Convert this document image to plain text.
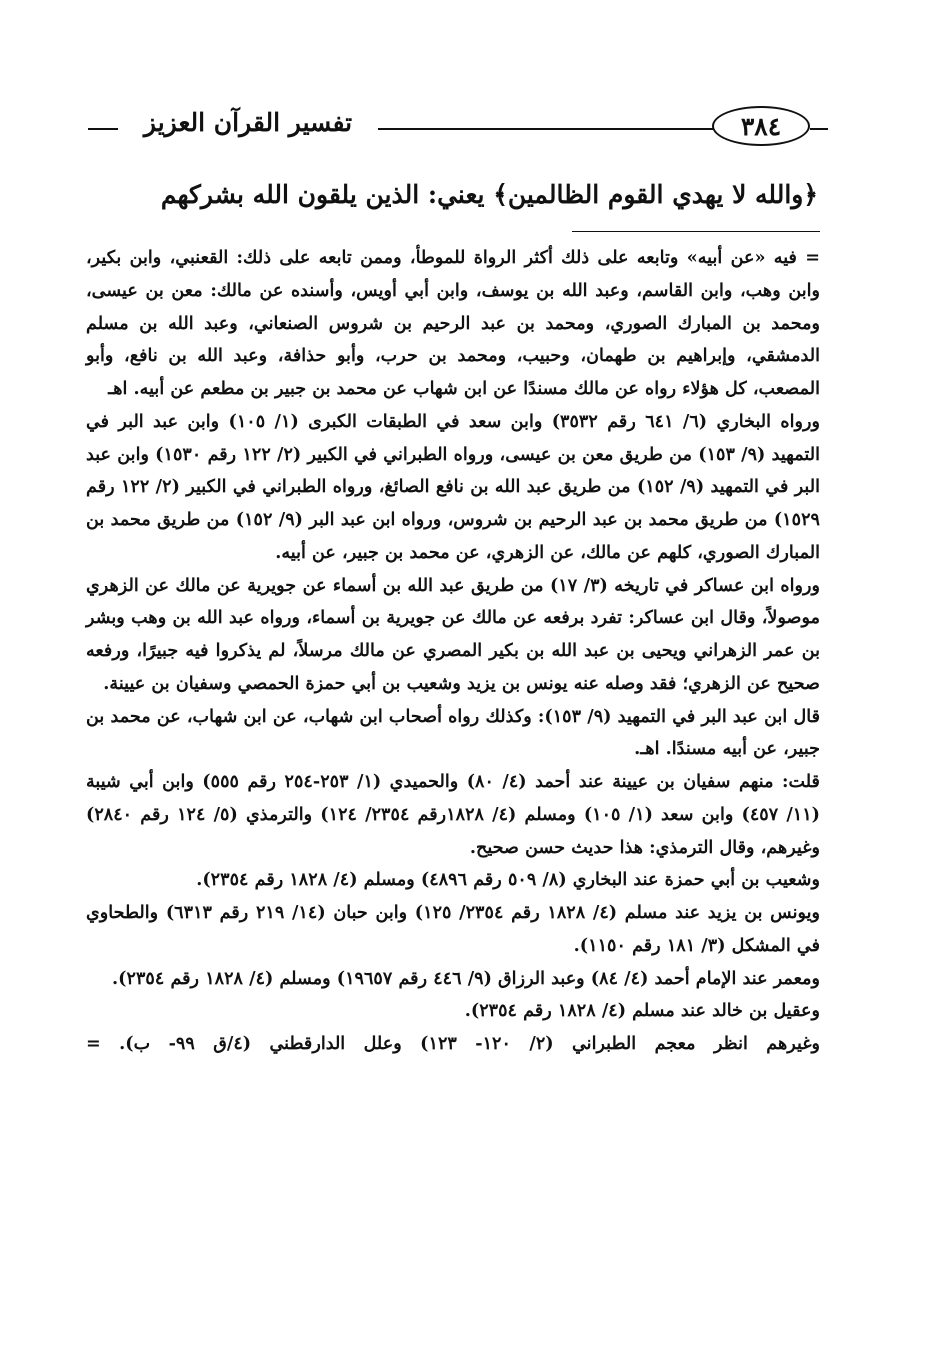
تفسير القرآن العزيز	٣٨٤
﴿والله لا يهدي القوم الظالمين﴾ يعني: الذين يلقون الله بشركهم

= فيه «عن أبيه» وتابعه على ذلك أكثر الرواة للموطأ، وممن تابعه على ذلك: القعنبي، وابن بكير، وابن وهب، وابن القاسم، وعبد الله بن يوسف، وابن أبي أويس، وأسنده عن مالك: معن بن عيسى، ومحمد بن المبارك الصوري، ومحمد بن عبد الرحيم بن شروس الصنعاني، وعبد الله بن مسلم الدمشقي، وإبراهيم بن طهمان، وحبيب، ومحمد بن حرب، وأبو حذافة، وعبد الله بن نافع، وأبو المصعب، كل هؤلاء رواه عن مالك مسندًا عن ابن شهاب عن محمد بن جبير بن مطعم عن أبيه. اهـ

ورواه البخاري (٦/ ٦٤١ رقم ٣٥٣٢) وابن سعد في الطبقات الكبرى (١/ ١٠٥) وابن عبد البر في التمهيد (٩/ ١٥٣) من طريق معن بن عيسى، ورواه الطبراني في الكبير (٢/ ١٢٢ رقم ١٥٣٠) وابن عبد البر في التمهيد (٩/ ١٥٢) من طريق عبد الله بن نافع الصائغ، ورواه الطبراني في الكبير (٢/ ١٢٢ رقم ١٥٢٩) من طريق محمد بن عبد الرحيم بن شروس، ورواه ابن عبد البر (٩/ ١٥٢) من طريق محمد بن المبارك الصوري، كلهم عن مالك، عن الزهري، عن محمد بن جبير، عن أبيه.

ورواه ابن عساكر في تاريخه (٣/ ١٧) من طريق عبد الله بن أسماء عن جويرية عن مالك عن الزهري موصولاً، وقال ابن عساكر: تفرد برفعه عن مالك عن جويرية بن أسماء، ورواه عبد الله بن وهب وبشر بن عمر الزهراني ويحيى بن عبد الله بن بكير المصري عن مالك مرسلاً، لم يذكروا فيه جبيرًا، ورفعه صحيح عن الزهري؛ فقد وصله عنه يونس بن يزيد وشعيب بن أبي حمزة الحمصي وسفيان بن عيينة.

قال ابن عبد البر في التمهيد (٩/ ١٥٣): وكذلك رواه أصحاب ابن شهاب، عن ابن شهاب، عن محمد بن جبير، عن أبيه مسندًا. اهـ.

قلت: منهم سفيان بن عيينة عند أحمد (٤/ ٨٠) والحميدي (١/ ٢٥٣-٢٥٤ رقم ٥٥٥) وابن أبي شيبة (١١/ ٤٥٧) وابن سعد (١/ ١٠٥) ومسلم (٤/ ١٨٢٨رقم ٢٣٥٤/ ١٢٤) والترمذي (٥/ ١٢٤ رقم ٢٨٤٠) وغيرهم، وقال الترمذي: هذا حديث حسن صحيح.

وشعيب بن أبي حمزة عند البخاري (٨/ ٥٠٩ رقم ٤٨٩٦) ومسلم (٤/ ١٨٢٨ رقم ٢٣٥٤).

ويونس بن يزيد عند مسلم (٤/ ١٨٢٨ رقم ٢٣٥٤/ ١٢٥) وابن حبان (١٤/ ٢١٩ رقم ٦٣١٣) والطحاوي في المشكل (٣/ ١٨١ رقم ١١٥٠).

ومعمر عند الإمام أحمد (٤/ ٨٤) وعبد الرزاق (٩/ ٤٤٦ رقم ١٩٦٥٧) ومسلم (٤/ ١٨٢٨ رقم ٢٣٥٤).

وعقيل بن خالد عند مسلم (٤/ ١٨٢٨ رقم ٢٣٥٤).

وغيرهم انظر معجم الطبراني (٢/ ١٢٠- ١٢٣) وعلل الدارقطني (٤/ق ٩٩- ب). =
